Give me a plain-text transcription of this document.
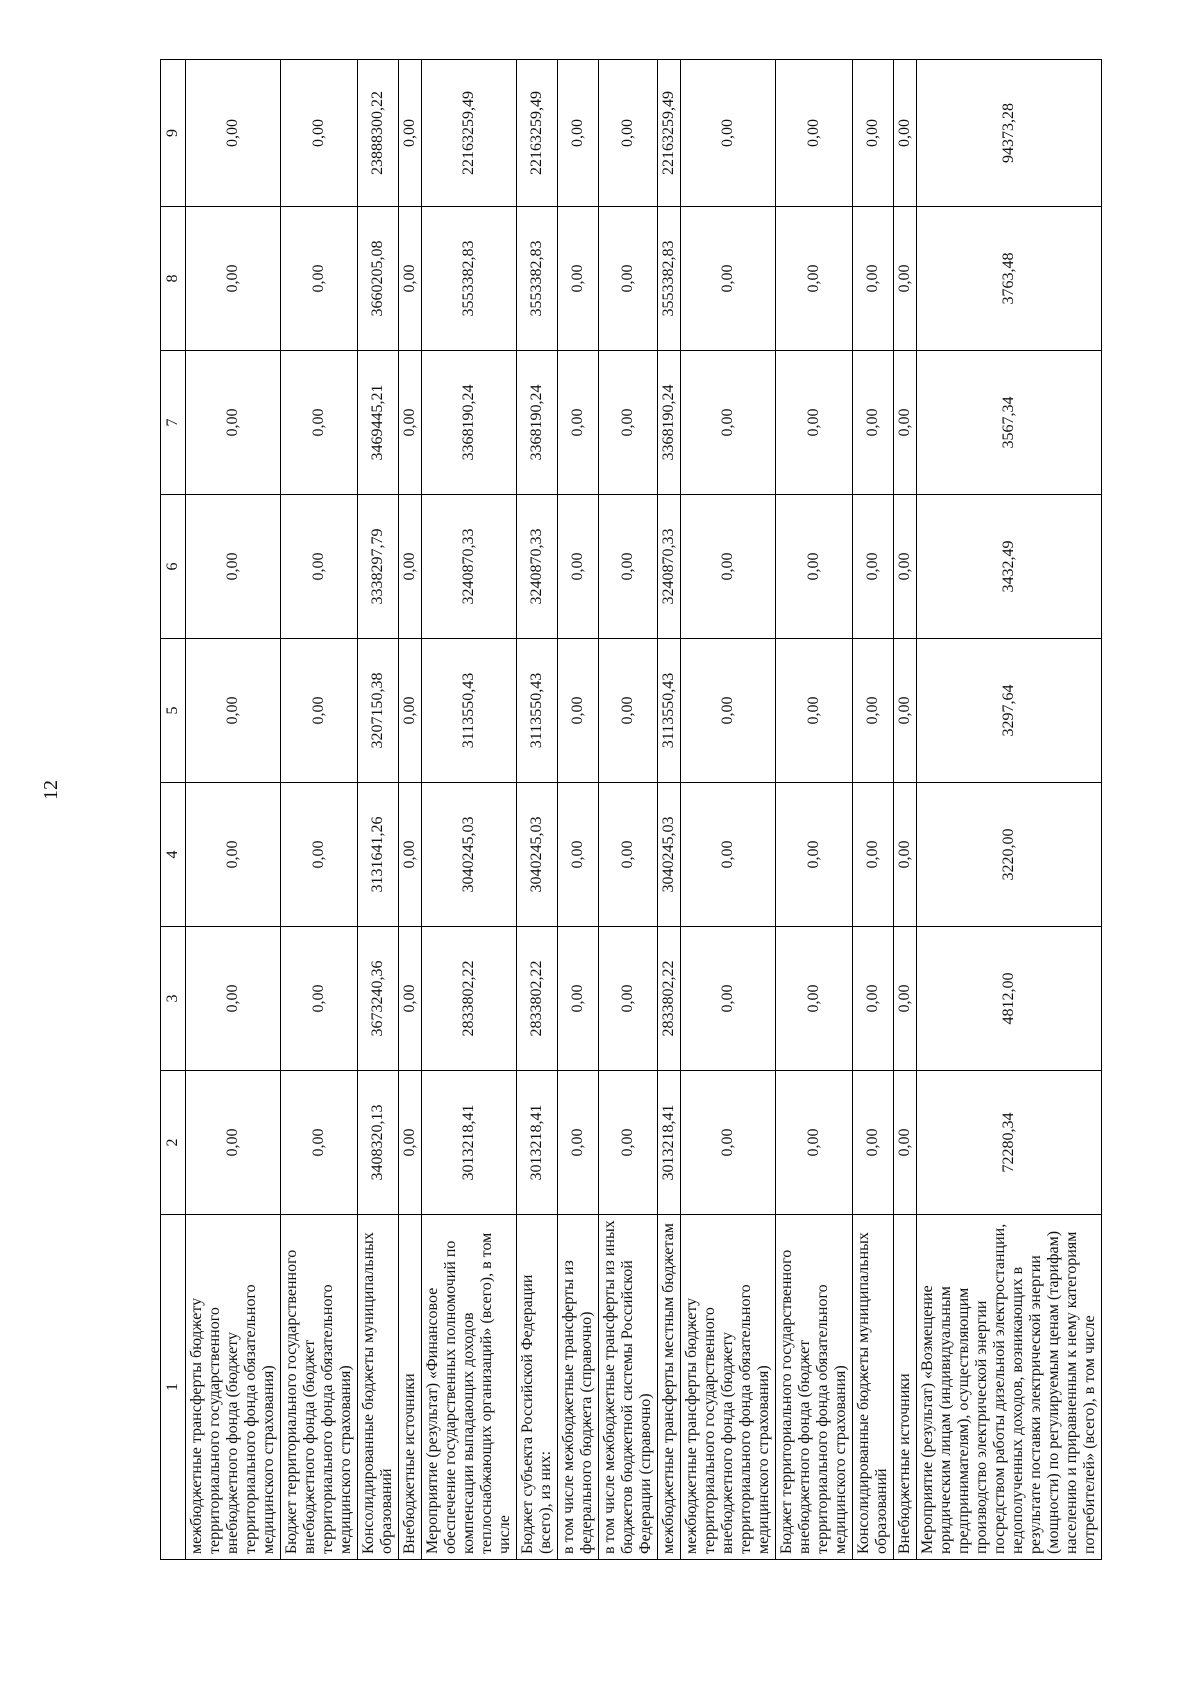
12
1	2	3	4	5	6	7	8	9
межбюджетные трансферты бюджету территориального государственного внебюджетного фонда (бюджету территориального фонда обязательного медицинского страхования)	0,00	0,00	0,00	0,00	0,00	0,00	0,00	0,00
Бюджет территориального государственного внебюджетного фонда (бюджет территориального фонда обязательного медицинского страхования)	0,00	0,00	0,00	0,00	0,00	0,00	0,00	0,00
Консолидированные бюджеты муниципальных образований	3408320,13	3673240,36	3131641,26	3207150,38	3338297,79	3469445,21	3660205,08	23888300,22
Внебюджетные источники	0,00	0,00	0,00	0,00	0,00	0,00	0,00	0,00
Мероприятие (результат) «Финансовое обеспечение государственных полномочий по компенсации выпадающих доходов теплоснабжающих организаций» (всего), в том числе	3013218,41	2833802,22	3040245,03	3113550,43	3240870,33	3368190,24	3553382,83	22163259,49
Бюджет субъекта Российской Федерации (всего), из них:	3013218,41	2833802,22	3040245,03	3113550,43	3240870,33	3368190,24	3553382,83	22163259,49
в том числе межбюджетные трансферты из федерального бюджета (справочно)	0,00	0,00	0,00	0,00	0,00	0,00	0,00	0,00
в том числе межбюджетные трансферты из иных бюджетов бюджетной системы Российской Федерации (справочно)	0,00	0,00	0,00	0,00	0,00	0,00	0,00	0,00
межбюджетные трансферты местным бюджетам	3013218,41	2833802,22	3040245,03	3113550,43	3240870,33	3368190,24	3553382,83	22163259,49
межбюджетные трансферты бюджету территориального государственного внебюджетного фонда (бюджету территориального фонда обязательного медицинского страхования)	0,00	0,00	0,00	0,00	0,00	0,00	0,00	0,00
Бюджет территориального государственного внебюджетного фонда (бюджет территориального фонда обязательного медицинского страхования)	0,00	0,00	0,00	0,00	0,00	0,00	0,00	0,00
Консолидированные бюджеты муниципальных образований	0,00	0,00	0,00	0,00	0,00	0,00	0,00	0,00
Внебюджетные источники	0,00	0,00	0,00	0,00	0,00	0,00	0,00	0,00
Мероприятие (результат) «Возмещение юридическим лицам (индивидуальным предпринимателям), осуществляющим производство электрической энергии посредством работы дизельной электростанции, недополученных доходов, возникающих в результате поставки электрической энергии (мощности) по регулируемым ценам (тарифам) населению и приравненным к нему категориям потребителей» (всего), в том числе	72280,34	4812,00	3220,00	3297,64	3432,49	3567,34	3763,48	94373,28
